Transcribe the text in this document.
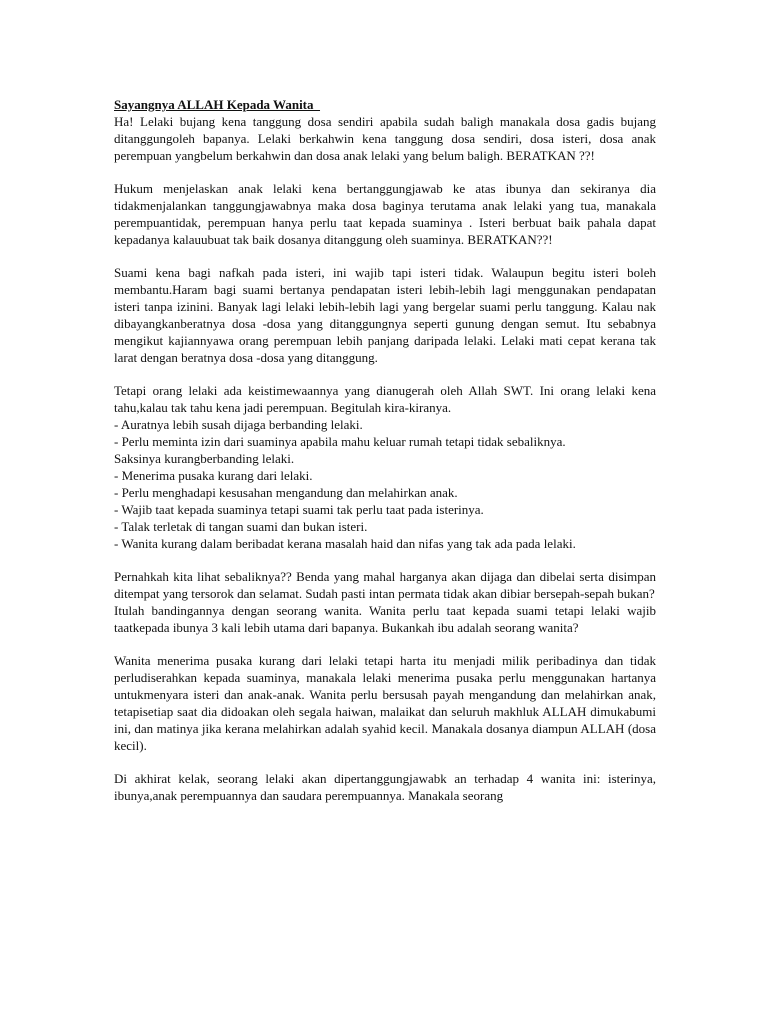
Sayangnya ALLAH Kepada Wanita

Ha! Lelaki bujang kena tanggung dosa sendiri apabila sudah baligh manakala dosa gadis bujang ditanggungoleh bapanya. Lelaki berkahwin kena tanggung dosa sendiri, dosa isteri, dosa anak perempuan yangbelum berkahwin dan dosa anak lelaki yang belum baligh. BERATKAN ??!

Hukum menjelaskan anak lelaki kena bertanggungjawab ke atas ibunya dan sekiranya dia tidakmenjalankan tanggungjawabnya maka dosa baginya terutama anak lelaki yang tua, manakala perempuantidak, perempuan hanya perlu taat kepada suaminya . Isteri berbuat baik pahala dapat kepadanya kalauubuat tak baik dosanya ditanggung oleh suaminya. BERATKAN??!

Suami kena bagi nafkah pada isteri, ini wajib tapi isteri tidak. Walaupun begitu isteri boleh membantu.Haram bagi suami bertanya pendapatan isteri lebih-lebih lagi menggunakan pendapatan isteri tanpa izinini. Banyak lagi lelaki lebih-lebih lagi yang bergelar suami perlu tanggung. Kalau nak dibayangkanberatnya dosa -dosa yang ditanggungnya seperti gunung dengan semut. Itu sebabnya mengikut kajiannyawa orang perempuan lebih panjang daripada lelaki. Lelaki mati cepat kerana tak larat dengan beratnya dosa -dosa yang ditanggung.

Tetapi orang lelaki ada keistimewaannya yang dianugerah oleh Allah SWT. Ini orang lelaki kena tahu,kalau tak tahu kena jadi perempuan. Begitulah kira-kiranya.
- Auratnya lebih susah dijaga berbanding lelaki.
- Perlu meminta izin dari suaminya apabila mahu keluar rumah tetapi tidak sebaliknya.
Saksinya kurangberbanding lelaki.
- Menerima pusaka kurang dari lelaki.
- Perlu menghadapi kesusahan mengandung dan melahirkan anak.
- Wajib taat kepada suaminya tetapi suami tak perlu taat pada isterinya.
- Talak terletak di tangan suami dan bukan isteri.
- Wanita kurang dalam beribadat kerana masalah haid dan nifas yang tak ada pada lelaki.
Pernahkah kita lihat sebaliknya?? Benda yang mahal harganya akan dijaga dan dibelai serta disimpan ditempat yang tersorok dan selamat. Sudah pasti intan permata tidak akan dibiar bersepah-sepah bukan?
Itulah bandingannya dengan seorang wanita. Wanita perlu taat kepada suami tetapi lelaki wajib taatkepada ibunya 3 kali lebih utama dari bapanya. Bukankah ibu adalah seorang wanita?

Wanita menerima pusaka kurang dari lelaki tetapi harta itu menjadi milik peribadinya dan tidak perludiserahkan kepada suaminya, manakala lelaki menerima pusaka perlu menggunakan hartanya untukmenyara isteri dan anak-anak. Wanita perlu bersusah payah mengandung dan melahirkan anak, tetapisetiap saat dia didoakan oleh segala haiwan, malaikat dan seluruh makhluk ALLAH dimukabumi ini, dan matinya jika kerana melahirkan adalah syahid kecil. Manakala dosanya diampun ALLAH (dosa kecil).

Di akhirat kelak, seorang lelaki akan dipertanggungjawabk an terhadap 4 wanita ini: isterinya, ibunya,anak perempuannya dan saudara perempuannya. Manakala seorang
